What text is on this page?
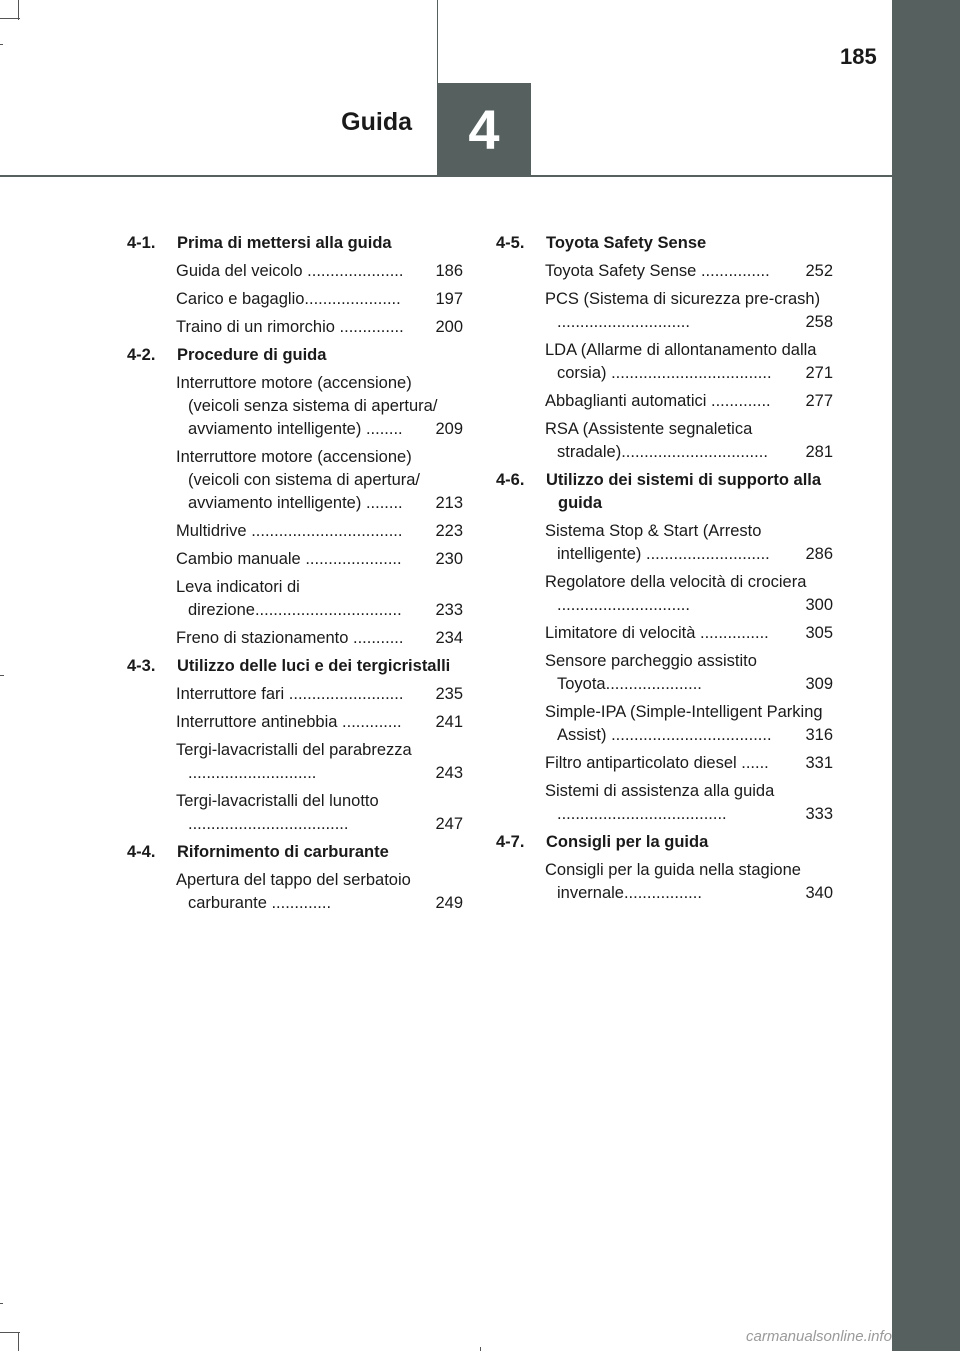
4
Guida
185
4-1.	Prima di mettersi alla guida
Guida del veicolo ..................... 186
Carico e bagaglio..................... 197
Traino di un rimorchio .............. 200
4-2.	Procedure di guida
Interruttore motore (accensione) (veicoli senza sistema di apertura/ avviamento intelligente) ........ 209
Interruttore motore (accensione) (veicoli con sistema di apertura/ avviamento intelligente) ........ 213
Multidrive ................................. 223
Cambio manuale ..................... 230
Leva indicatori di direzione................................ 233
Freno di stazionamento ........... 234
4-3.	Utilizzo delle luci e dei tergicristalli
Interruttore fari ......................... 235
Interruttore antinebbia ............. 241
Tergi-lavacristalli del parabrezza ............................	243
Tergi-lavacristalli del lunotto ...................................	247
4-4.	Rifornimento di carburante
Apertura del tappo del serbatoio carburante .............	249
4-5.	Toyota Safety Sense
Toyota Safety Sense ............... 252
PCS (Sistema di sicurezza pre-crash) .............................	258
LDA (Allarme di allontanamento dalla corsia) ................................... 271
Abbaglianti automatici ............. 277
RSA (Assistente segnaletica stradale)................................ 281
4-6.	Utilizzo dei sistemi di supporto alla guida
Sistema Stop & Start (Arresto intelligente) ........................... 286
Regolatore della velocità di crociera .............................	300
Limitatore di velocità ............... 305
Sensore parcheggio assistito Toyota.....................	309
Simple-IPA (Simple-Intelligent Parking Assist) ................................... 316
Filtro antiparticolato diesel ...... 331
Sistemi di assistenza alla guida .....................................	333
4-7.	Consigli per la guida
Consigli per la guida nella stagione invernale.................	340
carmanualsonline.info
